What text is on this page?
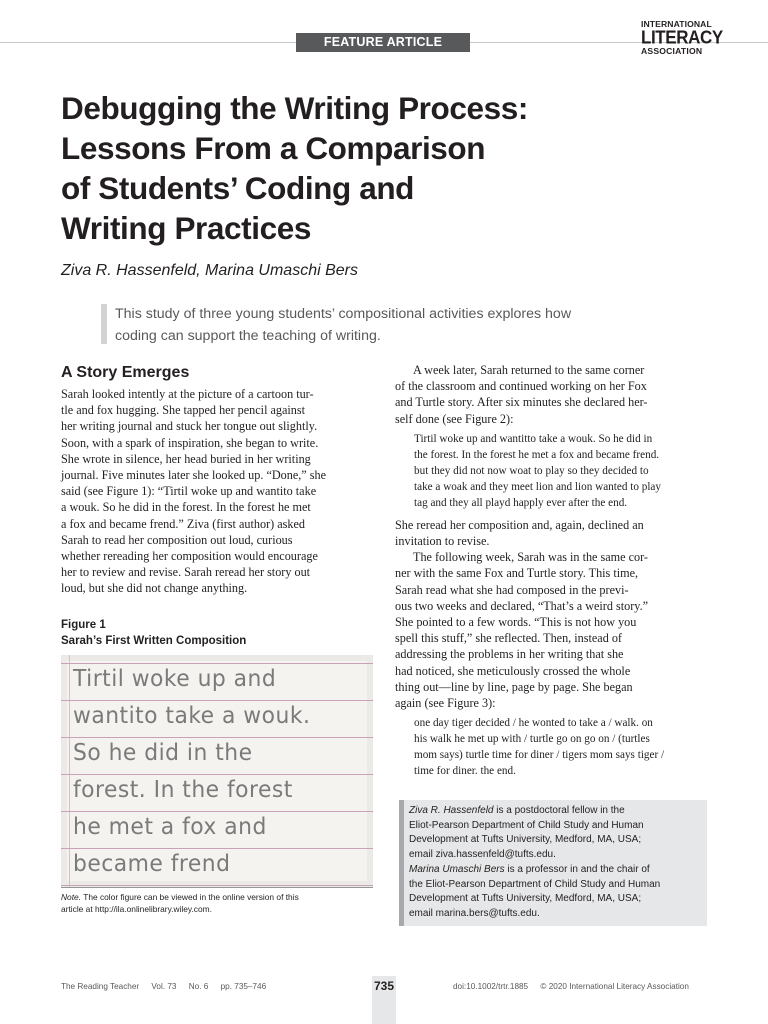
FEATURE ARTICLE
INTERNATIONAL
LITERACY
ASSOCIATION
Debugging the Writing Process:
Lessons From a Comparison
of Students’ Coding and
Writing Practices
Ziva R. Hassenfeld, Marina Umaschi Bers
This study of three young students’ compositional activities explores how
coding can support the teaching of writing.
A Story Emerges
Sarah looked intently at the picture of a cartoon tur-
tle and fox hugging. She tapped her pencil against
her writing journal and stuck her tongue out slightly.
Soon, with a spark of inspiration, she began to write.
She wrote in silence, her head buried in her writing
journal. Five minutes later she looked up. “Done,” she
said (see Figure 1): “Tirtil woke up and wantito take
a wouk. So he did in the forest. In the forest he met
a fox and became frend.” Ziva (first author) asked
Sarah to read her composition out loud, curious
whether rereading her composition would encourage
her to review and revise. Sarah reread her story out
loud, but she did not change anything.
Figure 1
Sarah’s First Written Composition
Tirtil woke up and
wantito take a wouk.
So he did in the
forest. In the forest
he met a fox and
became frend
Note. The color figure can be viewed in the online version of this
article at http://ila.onlinelibrary.wiley.com.
A week later, Sarah returned to the same corner
of the classroom and continued working on her Fox
and Turtle story. After six minutes she declared her-
self done (see Figure 2):
Tirtil woke up and wantitto take a wouk. So he did in
the forest. In the forest he met a fox and became frend.
but they did not now woat to play so they decided to
take a woak and they meet lion and lion wanted to play
tag and they all playd happly ever after the end.
She reread her composition and, again, declined an
invitation to revise.
The following week, Sarah was in the same cor-
ner with the same Fox and Turtle story. This time,
Sarah read what she had composed in the previ-
ous two weeks and declared, “That’s a weird story.”
She pointed to a few words. “This is not how you
spell this stuff,” she reflected. Then, instead of
addressing the problems in her writing that she
had noticed, she meticulously crossed the whole
thing out—line by line, page by page. She began
again (see Figure 3):
one day tiger decided / he wonted to take a / walk. on
his walk he met up with / turtle go on go on / (turtles
mom says) turtle time for diner / tigers mom says tiger /
time for diner. the end.
Ziva R. Hassenfeld is a postdoctoral fellow in the
Eliot-Pearson Department of Child Study and Human
Development at Tufts University, Medford, MA, USA;
email ziva.hassenfeld@tufts.edu.
Marina Umaschi Bers is a professor in and the chair of
the Eliot-Pearson Department of Child Study and Human
Development at Tufts University, Medford, MA, USA;
email marina.bers@tufts.edu.
The Reading Teacher Vol. 73 No. 6 pp. 735–746	735	doi:10.1002/trtr.1885 © 2020 International Literacy Association
